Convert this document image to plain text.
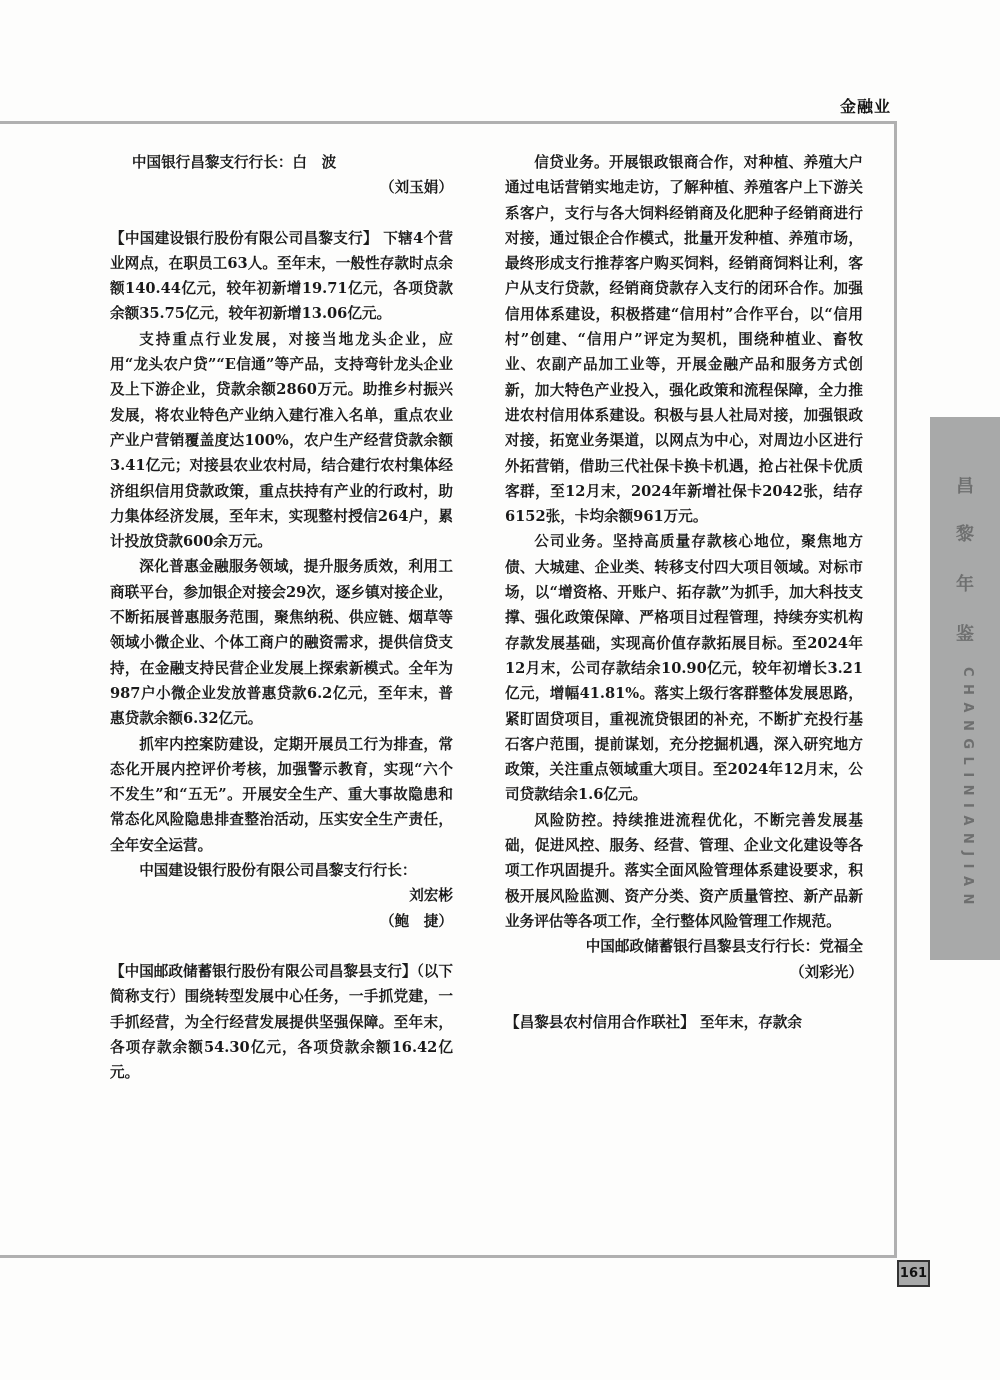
金融业

中国银行昌黎支行行长：白　波

（刘玉娟）

【中国建设银行股份有限公司昌黎支行】 下辖4个营业网点，在职员工63人。至年末，一般性存款时点余额140.44亿元，较年初新增19.71亿元，各项贷款余额35.75亿元，较年初新增13.06亿元。

支持重点行业发展，对接当地龙头企业，应用“龙头农户贷”“E信通”等产品，支持弯针龙头企业及上下游企业，贷款余额2860万元。助推乡村振兴发展，将农业特色产业纳入建行准入名单，重点农业产业户营销覆盖度达100%，农户生产经营贷款余额3.41亿元；对接县农业农村局，结合建行农村集体经济组织信用贷款政策，重点扶持有产业的行政村，助力集体经济发展，至年末，实现整村授信264户，累计投放贷款600余万元。

深化普惠金融服务领域，提升服务质效，利用工商联平台，参加银企对接会29次，逐乡镇对接企业，不断拓展普惠服务范围，聚焦纳税、供应链、烟草等领域小微企业、个体工商户的融资需求，提供信贷支持，在金融支持民营企业发展上探索新模式。全年为987户小微企业发放普惠贷款6.2亿元，至年末，普惠贷款余额6.32亿元。

抓牢内控案防建设，定期开展员工行为排查，常态化开展内控评价考核，加强警示教育，实现“六个不发生”和“五无”。开展安全生产、重大事故隐患和常态化风险隐患排查整治活动，压实安全生产责任，全年安全运营。

中国建设银行股份有限公司昌黎支行行长：

刘宏彬

（鲍　捷）

【中国邮政储蓄银行股份有限公司昌黎县支行】（以下简称支行）围绕转型发展中心任务，一手抓党建，一手抓经营，为全行经营发展提供坚强保障。至年末，各项存款余额54.30亿元，各项贷款余额16.42亿元。

信贷业务。开展银政银商合作，对种植、养殖大户通过电话营销实地走访，了解种植、养殖客户上下游关系客户，支行与各大饲料经销商及化肥种子经销商进行对接，通过银企合作模式，批量开发种植、养殖市场，最终形成支行推荐客户购买饲料，经销商饲料让利，客户从支行贷款，经销商贷款存入支行的闭环合作。加强信用体系建设，积极搭建“信用村”合作平台，以“信用村”创建、“信用户”评定为契机，围绕种植业、畜牧业、农副产品加工业等，开展金融产品和服务方式创新，加大特色产业投入，强化政策和流程保障，全力推进农村信用体系建设。积极与县人社局对接，加强银政对接，拓宽业务渠道，以网点为中心，对周边小区进行外拓营销，借助三代社保卡换卡机遇，抢占社保卡优质客群，至12月末，2024年新增社保卡2042张，结存6152张，卡均余额961万元。

公司业务。坚持高质量存款核心地位，聚焦地方债、大城建、企业类、转移支付四大项目领域。对标市场，以“增资格、开账户、拓存款”为抓手，加大科技支撑、强化政策保障、严格项目过程管理，持续夯实机构存款发展基础，实现高价值存款拓展目标。至2024年12月末，公司存款结余10.90亿元，较年初增长3.21亿元，增幅41.81%。落实上级行客群整体发展思路，紧盯固贷项目，重视流贷银团的补充，不断扩充投行基石客户范围，提前谋划，充分挖掘机遇，深入研究地方政策，关注重点领域重大项目。至2024年12月末，公司贷款结余1.6亿元。

风险防控。持续推进流程优化，不断完善发展基础，促进风控、服务、经营、管理、企业文化建设等各项工作巩固提升。落实全面风险管理体系建设要求，积极开展风险监测、资产分类、资产质量管控、新产品新业务评估等各项工作，全行整体风险管理工作规范。

中国邮政储蓄银行昌黎县支行行长：党福全

（刘彩光）

【昌黎县农村信用合作联社】 至年末，存款余

昌
黎
年
鉴
CHANGLINIANJIAN
161
